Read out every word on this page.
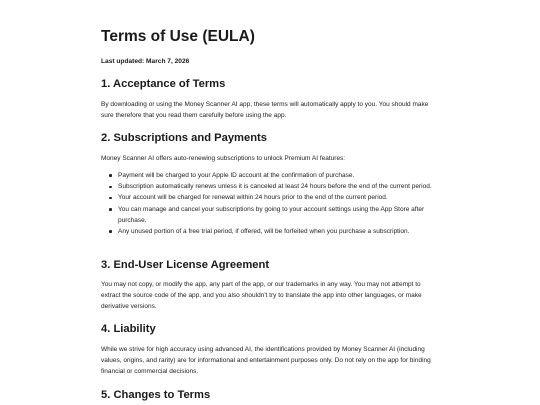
Terms of Use (EULA)

Last updated: March 7, 2026

1. Acceptance of Terms

By downloading or using the Money Scanner AI app, these terms will automatically apply to you. You should make sure therefore that you read them carefully before using the app.

2. Subscriptions and Payments

Money Scanner AI offers auto-renewing subscriptions to unlock Premium AI features:

Payment will be charged to your Apple ID account at the confirmation of purchase.
Subscription automatically renews unless it is canceled at least 24 hours before the end of the current period.
Your account will be charged for renewal within 24 hours prior to the end of the current period.
You can manage and cancel your subscriptions by going to your account settings using the App Store after purchase.
Any unused portion of a free trial period, if offered, will be forfeited when you purchase a subscription.
3. End-User License Agreement

You may not copy, or modify the app, any part of the app, or our trademarks in any way. You may not attempt to extract the source code of the app, and you also shouldn't try to translate the app into other languages, or make derivative versions.

4. Liability

While we strive for high accuracy using advanced AI, the identifications provided by Money Scanner AI (including values, origins, and rarity) are for informational and entertainment purposes only. Do not rely on the app for binding financial or commercial decisions.

5. Changes to Terms
